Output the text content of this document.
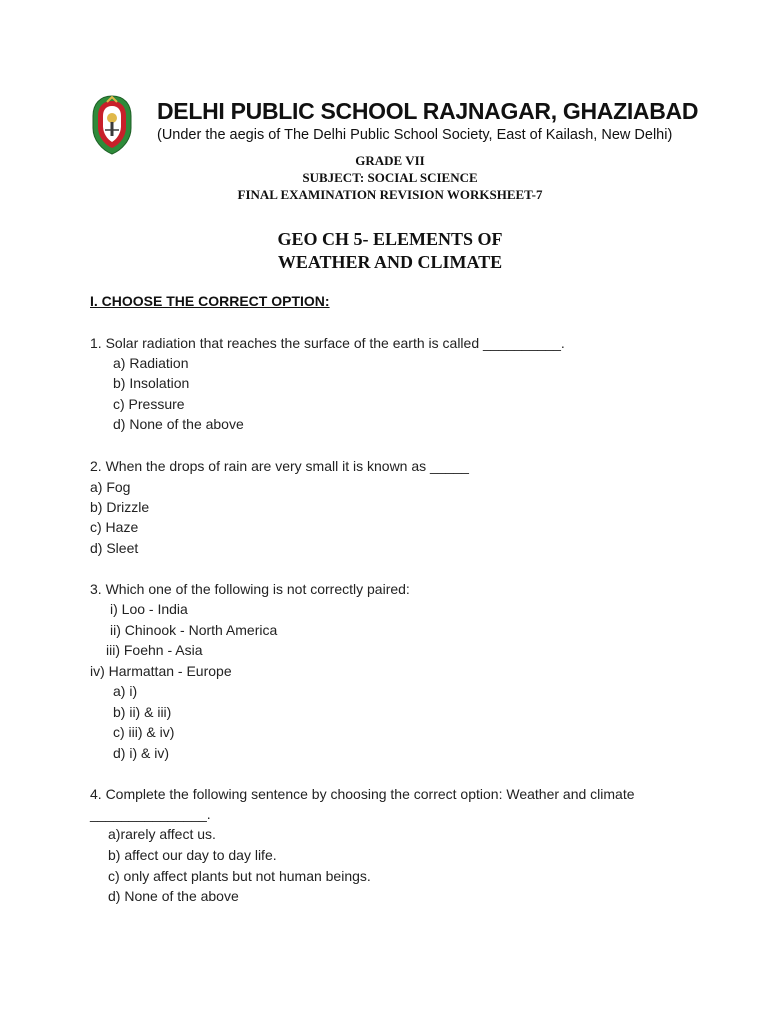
DELHI PUBLIC SCHOOL RAJNAGAR, GHAZIABAD
(Under the aegis of The Delhi Public School Society, East of Kailash, New Delhi)
GRADE VII
SUBJECT: SOCIAL SCIENCE
FINAL EXAMINATION REVISION WORKSHEET-7
GEO CH 5- ELEMENTS OF
WEATHER AND CLIMATE
I. CHOOSE THE CORRECT OPTION:
1. Solar radiation that reaches the surface of the earth is called __________.
a) Radiation
b) Insolation
c) Pressure
d) None of the above
2. When the drops of rain are very small it is known as _____
a) Fog
b) Drizzle
c) Haze
d) Sleet
3. Which one of the following is not correctly paired:
i) Loo - India
ii) Chinook - North America
iii) Foehn - Asia
iv) Harmattan - Europe
a) i)
b) ii) & iii)
c) iii) & iv)
d) i) & iv)
4. Complete the following sentence by choosing the correct option: Weather and climate
_______________.
a)rarely affect us.
b) affect our day to day life.
c) only affect plants but not human beings.
d) None of the above
